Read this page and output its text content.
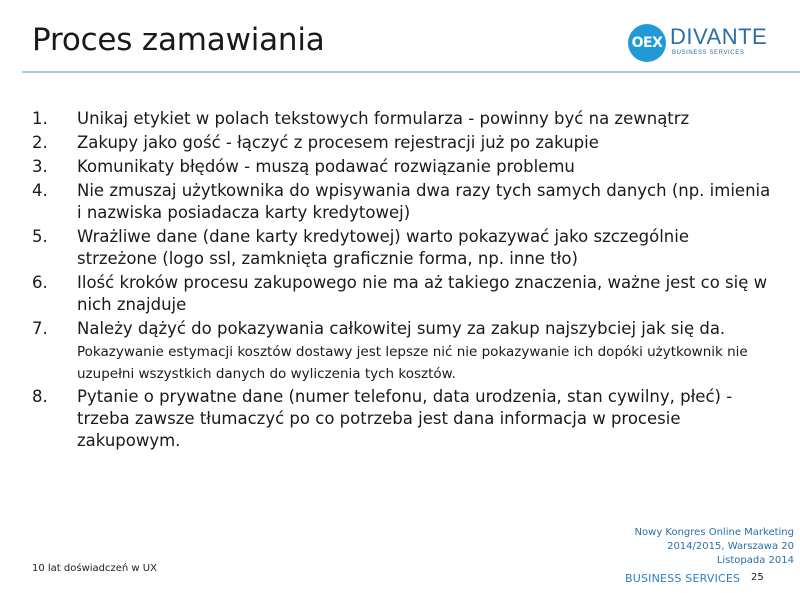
Proces zamawiania	OEX DIVANTE
BUSINESS SERVICES
1.	Unikaj etykiet w polach tekstowych formularza - powinny być na zewnątrz
2.	Zakupy jako gość - łączyć z procesem rejestracji już po zakupie
3.	Komunikaty błędów - muszą podawać rozwiązanie problemu
4.	Nie zmuszaj użytkownika do wpisywania dwa razy tych samych danych (np. imienia i nazwiska posiadacza karty kredytowej)
5.	Wrażliwe dane (dane karty kredytowej) warto pokazywać jako szczególnie strzeżone (logo ssl, zamknięta graficznie forma, np. inne tło)
6.	Ilość kroków procesu zakupowego nie ma aż takiego znaczenia, ważne jest co się w nich znajduje
7.	Należy dążyć do pokazywania całkowitej sumy za zakup najszybciej jak się da. Pokazywanie estymacji kosztów dostawy jest lepsze nić nie pokazywanie ich dopóki użytkownik nie uzupełni wszystkich danych do wyliczenia tych kosztów.
8.	Pytanie o prywatne dane (numer telefonu, data urodzenia, stan cywilny, płeć) - trzeba zawsze tłumaczyć po co potrzeba jest dana informacja w procesie zakupowym.
10 lat doświadczeń w UX
Nowy Kongres Online Marketing
2014/2015, Warszawa 20
Listopada 2014
BUSINESS SERVICES 25
